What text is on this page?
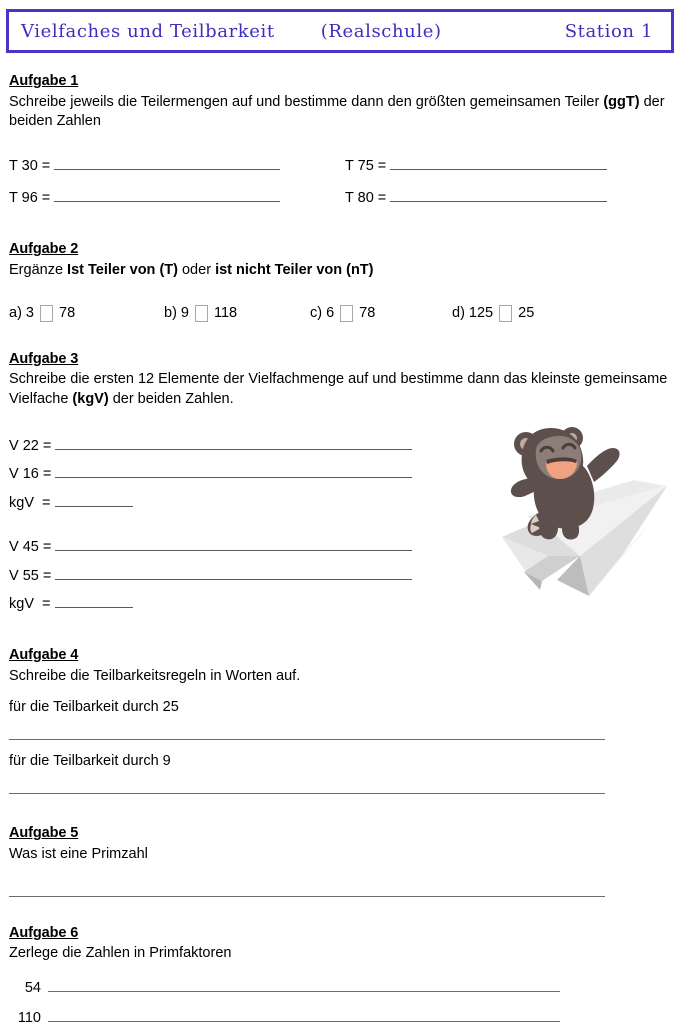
Vielfaches und Teilbarkeit	(Realschule)	Station 1
Aufgabe 1
Schreibe jeweils die Teilermengen auf und bestimme dann den größten gemeinsamen Teiler (ggT) der beiden Zahlen
T 30 =	T 75 =
T 96 =	T 80 =
Aufgabe 2
Ergänze Ist Teiler von (T) oder ist nicht Teiler von (nT)
a) 3 78	b) 9 118	c) 6 78	d) 125 25
Aufgabe 3
Schreibe die ersten 12 Elemente der Vielfachmenge auf und bestimme dann das kleinste gemeinsame Vielfache (kgV) der beiden Zahlen.
V 22 =
V 16 =
kgV  =
V 45 =
V 55 =
kgV  =
Aufgabe 4
Schreibe die Teilbarkeitsregeln in Worten auf.
für die Teilbarkeit durch 25
für die Teilbarkeit durch 9
Aufgabe 5
Was ist eine Primzahl
Aufgabe 6
Zerlege die Zahlen in Primfaktoren
54
110
